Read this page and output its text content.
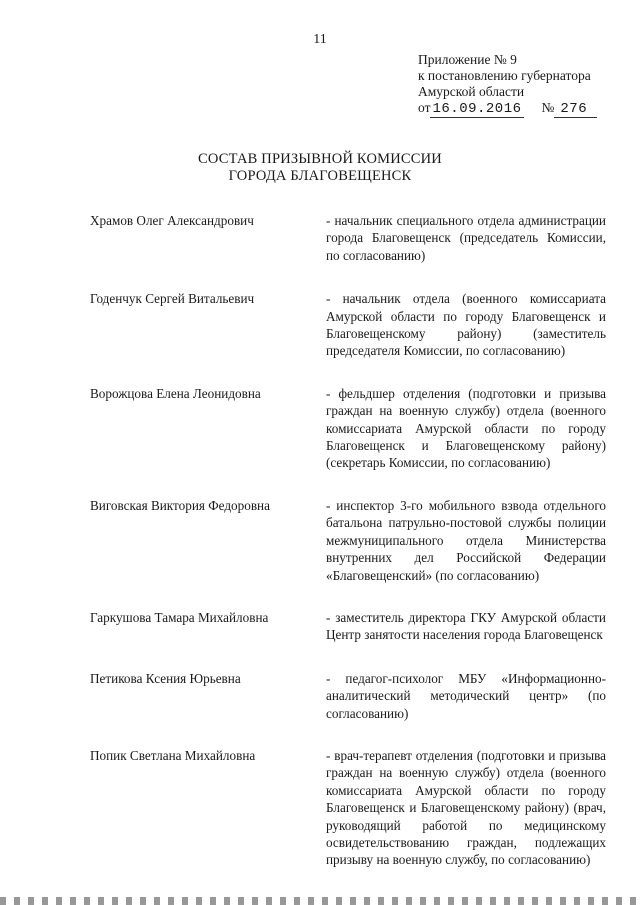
11
Приложение № 9
к постановлению губернатора
Амурской области
от 16.09.2016 № 276
СОСТАВ ПРИЗЫВНОЙ КОМИССИИ
ГОРОДА БЛАГОВЕЩЕНСК
Храмов Олег Александрович	- начальник специального отдела администрации города Благовещенск (председатель Комиссии, по согласованию)
Годенчук Сергей Витальевич	- начальник отдела (военного комиссариата Амурской области по городу Благовещенск и Благовещенскому району) (заместитель председателя Комиссии, по согласованию)
Ворожцова Елена Леонидовна	- фельдшер отделения (подготовки и призыва граждан на военную службу) отдела (военного комиссариата Амурской области по городу Благовещенск и Благовещенскому району) (секретарь Комиссии, по согласованию)
Виговская Виктория Федоровна	- инспектор 3-го мобильного взвода отдельного батальона патрульно-постовой службы полиции межмуниципального отдела Министерства внутренних дел Российской Федерации «Благовещенский» (по согласованию)
Гаркушова Тамара Михайловна	- заместитель директора ГКУ Амурской области Центр занятости населения города Благовещенск
Петикова Ксения Юрьевна	- педагог-психолог МБУ «Информационно-аналитический методический центр» (по согласованию)
Попик Светлана Михайловна	- врач-терапевт отделения (подготовки и призыва граждан на военную службу) отдела (военного комиссариата Амурской области по городу Благовещенск и Благовещенскому району) (врач, руководящий работой по медицинскому освидетельствованию граждан, подлежащих призыву на военную службу, по согласованию)
